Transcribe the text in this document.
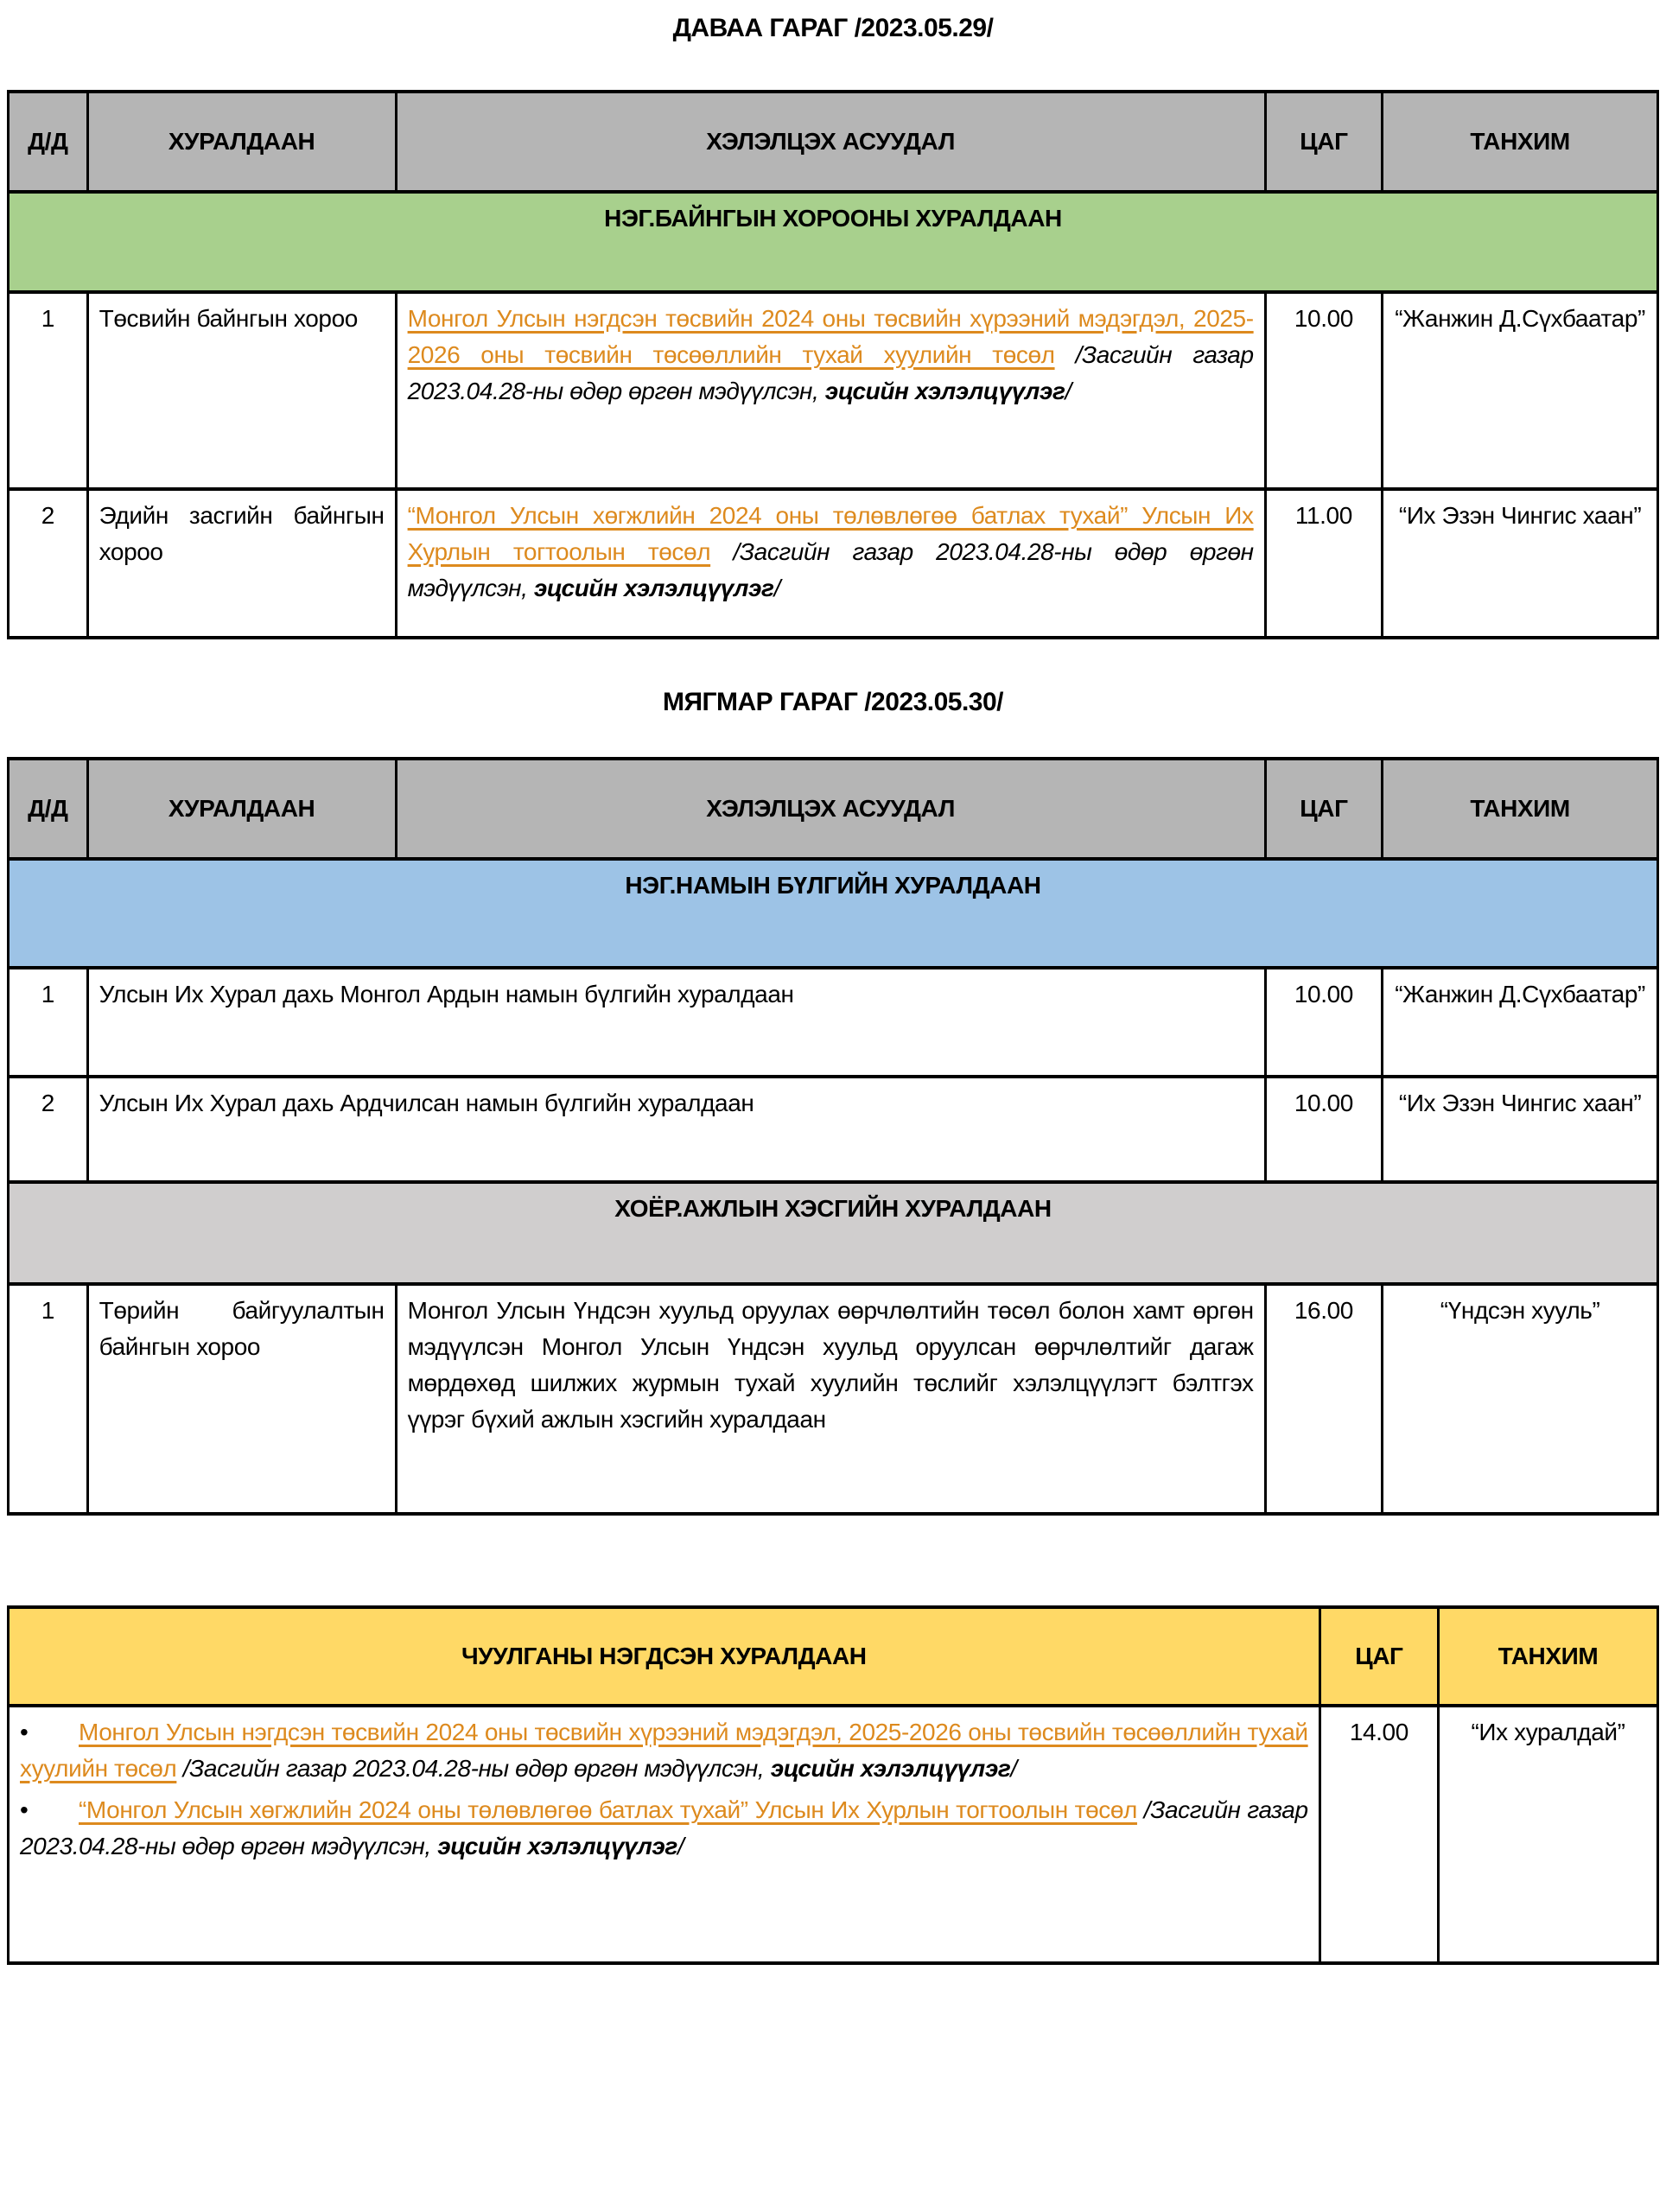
ДАВАА ГАРАГ /2023.05.29/
Д/Д	ХУРАЛДААН	ХЭЛЭЛЦЭХ АСУУДАЛ	ЦАГ	ТАНХИМ
НЭГ.БАЙНГЫН ХОРООНЫ ХУРАЛДААН				
1	Төсвийн байнгын хороо	Монгол Улсын нэгдсэн төсвийн 2024 оны төсвийн хүрээний мэдэгдэл, 2025-2026 оны төсвийн төсөөллийн тухай хуулийн төсөл /Засгийн газар 2023.04.28-ны өдөр өргөн мэдүүлсэн, эцсийн хэлэлцүүлэг/	10.00	“Жанжин Д.Сүхбаатар”
2	Эдийн засгийн байнгын хороо	“Монгол Улсын хөгжлийн 2024 оны төлөвлөгөө батлах тухай” Улсын Их Хурлын тогтоолын төсөл /Засгийн газар 2023.04.28-ны өдөр өргөн мэдүүлсэн, эцсийн хэлэлцүүлэг/	11.00	“Их Эзэн Чингис хаан”
МЯГМАР ГАРАГ /2023.05.30/
Д/Д	ХУРАЛДААН	ХЭЛЭЛЦЭХ АСУУДАЛ	ЦАГ	ТАНХИМ
НЭГ.НАМЫН БҮЛГИЙН ХУРАЛДААН				
1	Улсын Их Хурал дахь Монгол Ардын намын бүлгийн хуралдаан		10.00	“Жанжин Д.Сүхбаатар”
2	Улсын Их Хурал дахь Ардчилсан намын бүлгийн хуралдаан		10.00	“Их Эзэн Чингис хаан”
ХОЁР.АЖЛЫН ХЭСГИЙН ХУРАЛДААН				
1	Төрийн байгуулалтын байнгын хороо	Монгол Улсын Үндсэн хуульд оруулах өөрчлөлтийн төсөл болон хамт өргөн мэдүүлсэн Монгол Улсын Үндсэн хуульд оруулсан өөрчлөлтийг дагаж мөрдөхөд шилжих журмын тухай хуулийн төслийг хэлэлцүүлэгт бэлтгэх үүрэг бүхий ажлын хэсгийн хуралдаан	16.00	“Үндсэн хууль”
ЧУУЛГАНЫ НЭГДСЭН ХУРАЛДААН	ЦАГ	ТАНХИМ

• Монгол Улсын нэгдсэн төсвийн 2024 оны төсвийн хүрээний мэдэгдэл, 2025-2026 оны төсвийн төсөөллийн тухай хуулийн төсөл /Засгийн газар 2023.04.28-ны өдөр өргөн мэдүүлсэн, эцсийн хэлэлцүүлэг/

• “Монгол Улсын хөгжлийн 2024 оны төлөвлөгөө батлах тухай” Улсын Их Хурлын тогтоолын төсөл /Засгийн газар 2023.04.28-ны өдөр өргөн мэдүүлсэн, эцсийн хэлэлцүүлэг/	14.00	“Их хуралдай”
